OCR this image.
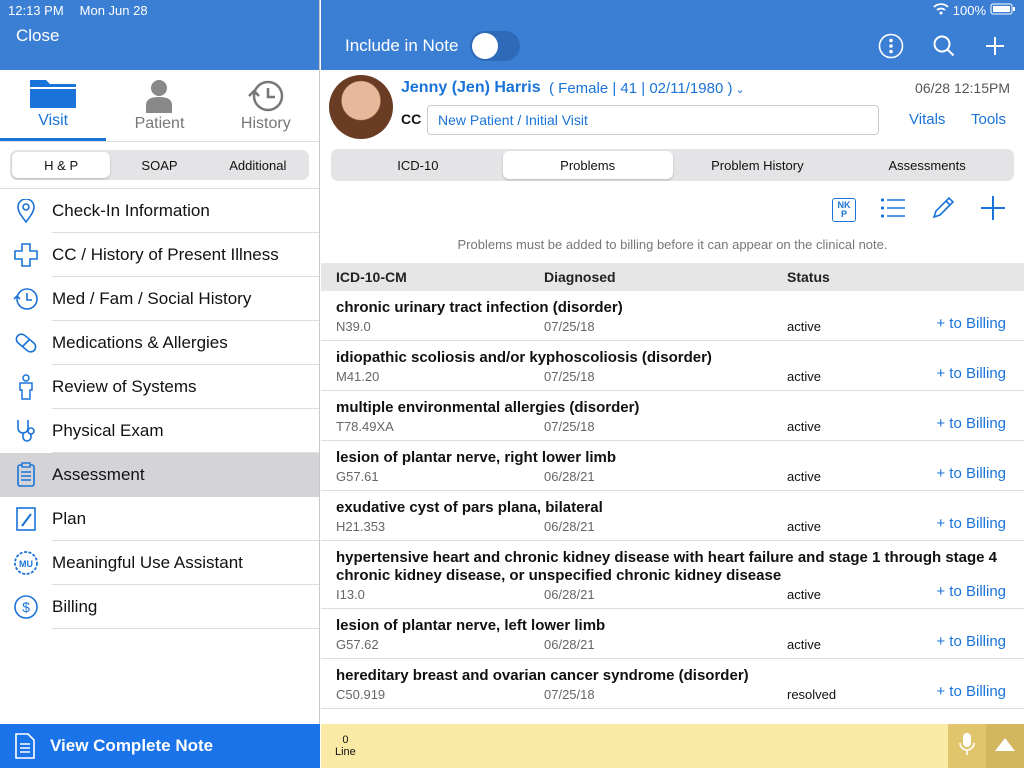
12:13 PM Mon Jun 28
Close
Visit	Patient	History
H & P	SOAP	Additional
Check-In Information
CC / History of Present Illness
Med / Fam / Social History
Medications & Allergies
Review of Systems
Physical Exam
Assessment
Plan
MU Meaningful Use Assistant
$ Billing
View Complete Note
100%
Include in Note
Jenny (Jen) Harris ( Female | 41 | 02/11/1980 ) ⌄	06/28 12:15PM
CC	New Patient / Initial Visit	Vitals Tools
ICD-10	Problems	Problem History	Assessments
NK
P
Problems must be added to billing before it can appear on the clinical note.
ICD-10-CM	Diagnosed	Status
chronic urinary tract infection (disorder)
N39.0	07/25/18	active	+ to Billing
idiopathic scoliosis and/or kyphoscoliosis (disorder)
M41.20	07/25/18	active	+ to Billing
multiple environmental allergies (disorder)
T78.49XA	07/25/18	active	+ to Billing
lesion of plantar nerve, right lower limb
G57.61	06/28/21	active	+ to Billing
exudative cyst of pars plana, bilateral
H21.353	06/28/21	active	+ to Billing
hypertensive heart and chronic kidney disease with heart failure and stage 1 through stage 4 chronic kidney disease, or unspecified chronic kidney disease
I13.0	06/28/21	active	+ to Billing
lesion of plantar nerve, left lower limb
G57.62	06/28/21	active	+ to Billing
hereditary breast and ovarian cancer syndrome (disorder)
C50.919	07/25/18	resolved	+ to Billing
0
Line
